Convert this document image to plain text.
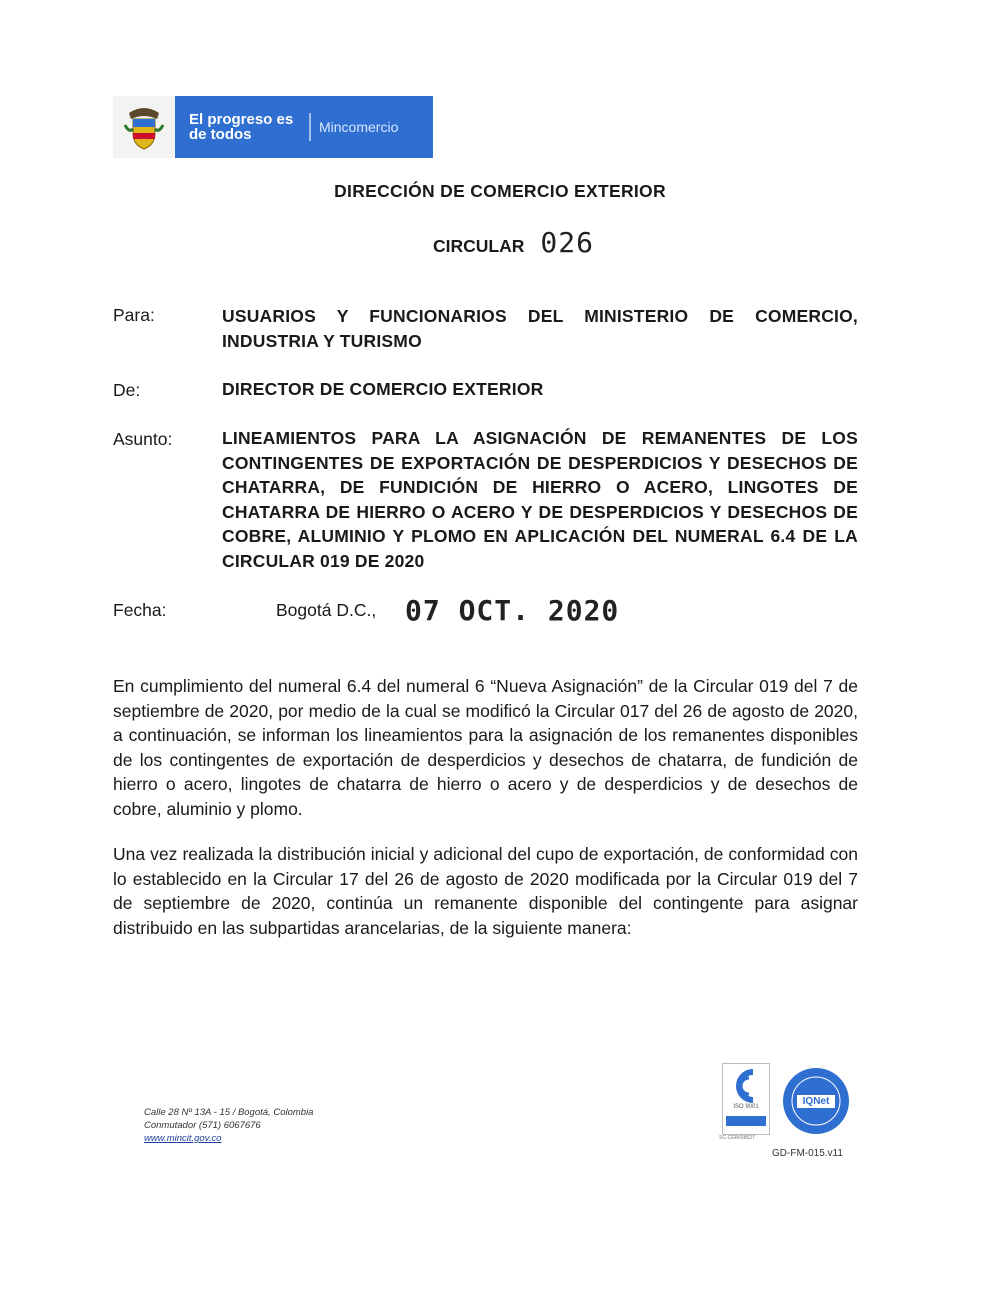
El progreso es de todos	Mincomercio
DIRECCIÓN DE COMERCIO EXTERIOR
CIRCULAR 026
Para:	USUARIOS Y FUNCIONARIOS DEL MINISTERIO DE COMERCIO, INDUSTRIA Y TURISMO
De:	DIRECTOR DE COMERCIO EXTERIOR
Asunto:	LINEAMIENTOS PARA LA ASIGNACIÓN DE REMANENTES DE LOS CONTINGENTES DE EXPORTACIÓN DE DESPERDICIOS Y DESECHOS DE CHATARRA, DE FUNDICIÓN DE HIERRO O ACERO, LINGOTES DE CHATARRA DE HIERRO O ACERO Y DE DESPERDICIOS Y DESECHOS DE COBRE, ALUMINIO Y PLOMO EN APLICACIÓN DEL NUMERAL 6.4 DE LA CIRCULAR 019 DE 2020
Fecha:	Bogotá D.C., 07 OCT. 2020
En cumplimiento del numeral 6.4 del numeral 6 “Nueva Asignación” de la Circular 019 del 7 de septiembre de 2020, por medio de la cual se modificó la Circular 017 del 26 de agosto de 2020, a continuación, se informan los lineamientos para la asignación de los remanentes disponibles de los contingentes de exportación de desperdicios y desechos de chatarra, de fundición de hierro o acero, lingotes de chatarra de hierro o acero y de desperdicios y de desechos de cobre, aluminio y plomo.
Una vez realizada la distribución inicial y adicional del cupo de exportación, de conformidad con lo establecido en la Circular 17 del 26 de agosto de 2020 modificada por la Circular 019 del 7 de septiembre de 2020, continúa un remanente disponible del contingente para asignar distribuido en las subpartidas arancelarias, de la siguiente manera:
Calle 28 Nº 13A - 15 / Bogotá, Colombia
Conmutador (571) 6067676
www.mincit.gov.co
ISO 9001
SC-CER658627
IQNet
GD-FM-015.v11
